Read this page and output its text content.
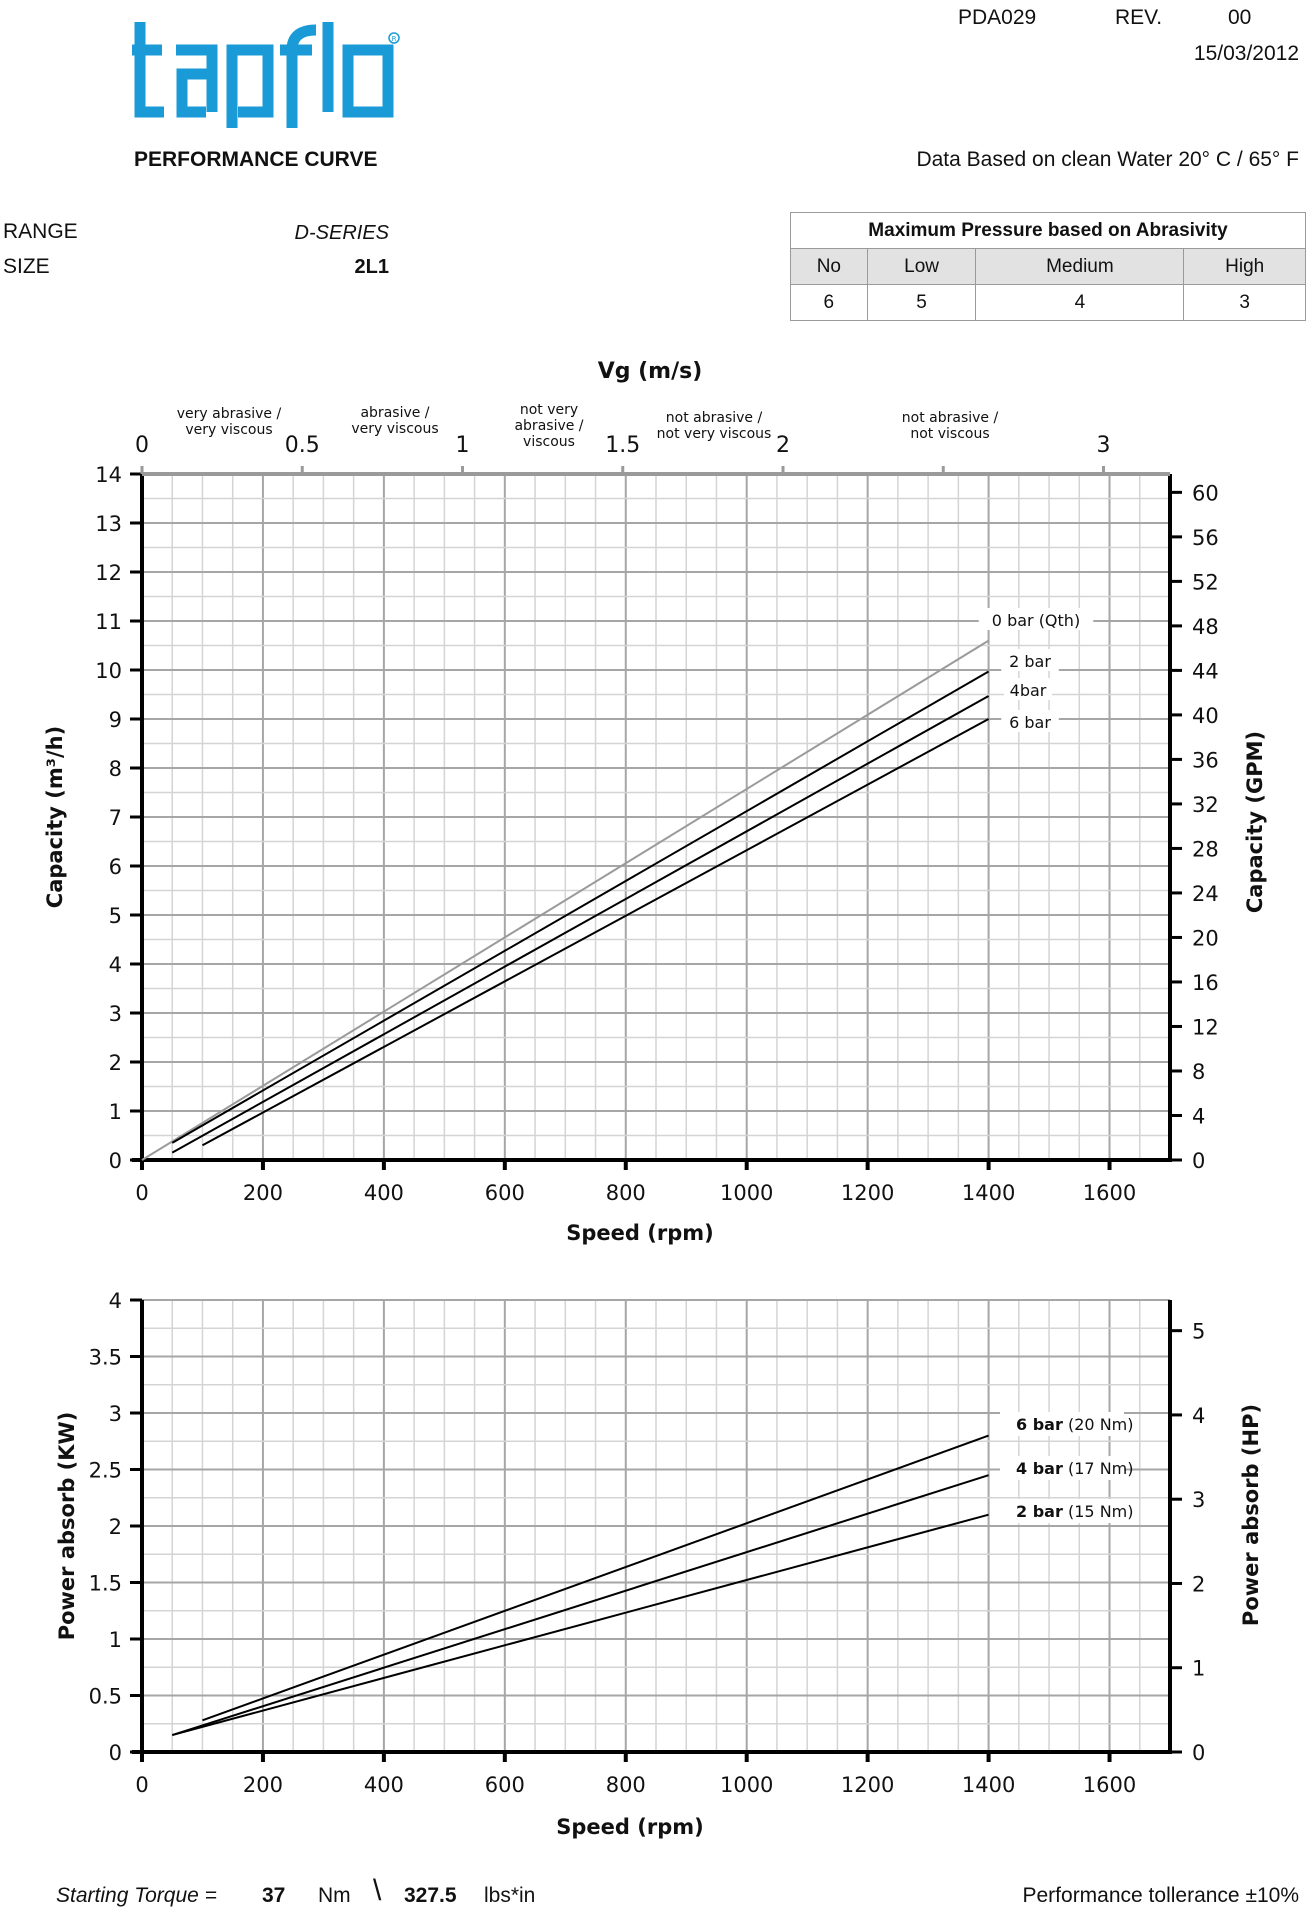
R
PDA029	REV.	00
15/03/2012
PERFORMANCE CURVE	Data Based on clean Water 20° C / 65° F
RANGE	D-SERIES
SIZE	2L1
Maximum Pressure based on Abrasivity			
No	Low	Medium	High
6	5	4	3
0	200	400	600	800	1000	1200	1400	1600
0
1
2
3
4
5
6
7
8
9
10
11
12
13
14
0
4
8
12
16
20
24
28
32
36
40
44
48
52
56
60
Speed (rpm)
Capacity (m³/h)	Capacity (GPM)
0 bar (Qth)
2 bar
4bar
6 bar
0	0.5	1	1.5	2	3
Vg (m/s)
very abrasive / very viscous
abrasive / very viscous
not very abrasive / viscous
not abrasive / not very viscous
not abrasive / not viscous
0	200	400	600	800	1000	1200	1400	1600
0
0.5
1
1.5
2
2.5
3
3.5
4
0
1
2
3
4
5
Speed (rpm)
Power absorb (KW)	Power absorb (HP)
6 bar (20 Nm)
4 bar (17 Nm)
2 bar (15 Nm)
Starting Torque = 37 Nm \ 327.5 lbs*in	Performance tollerance ±10%
